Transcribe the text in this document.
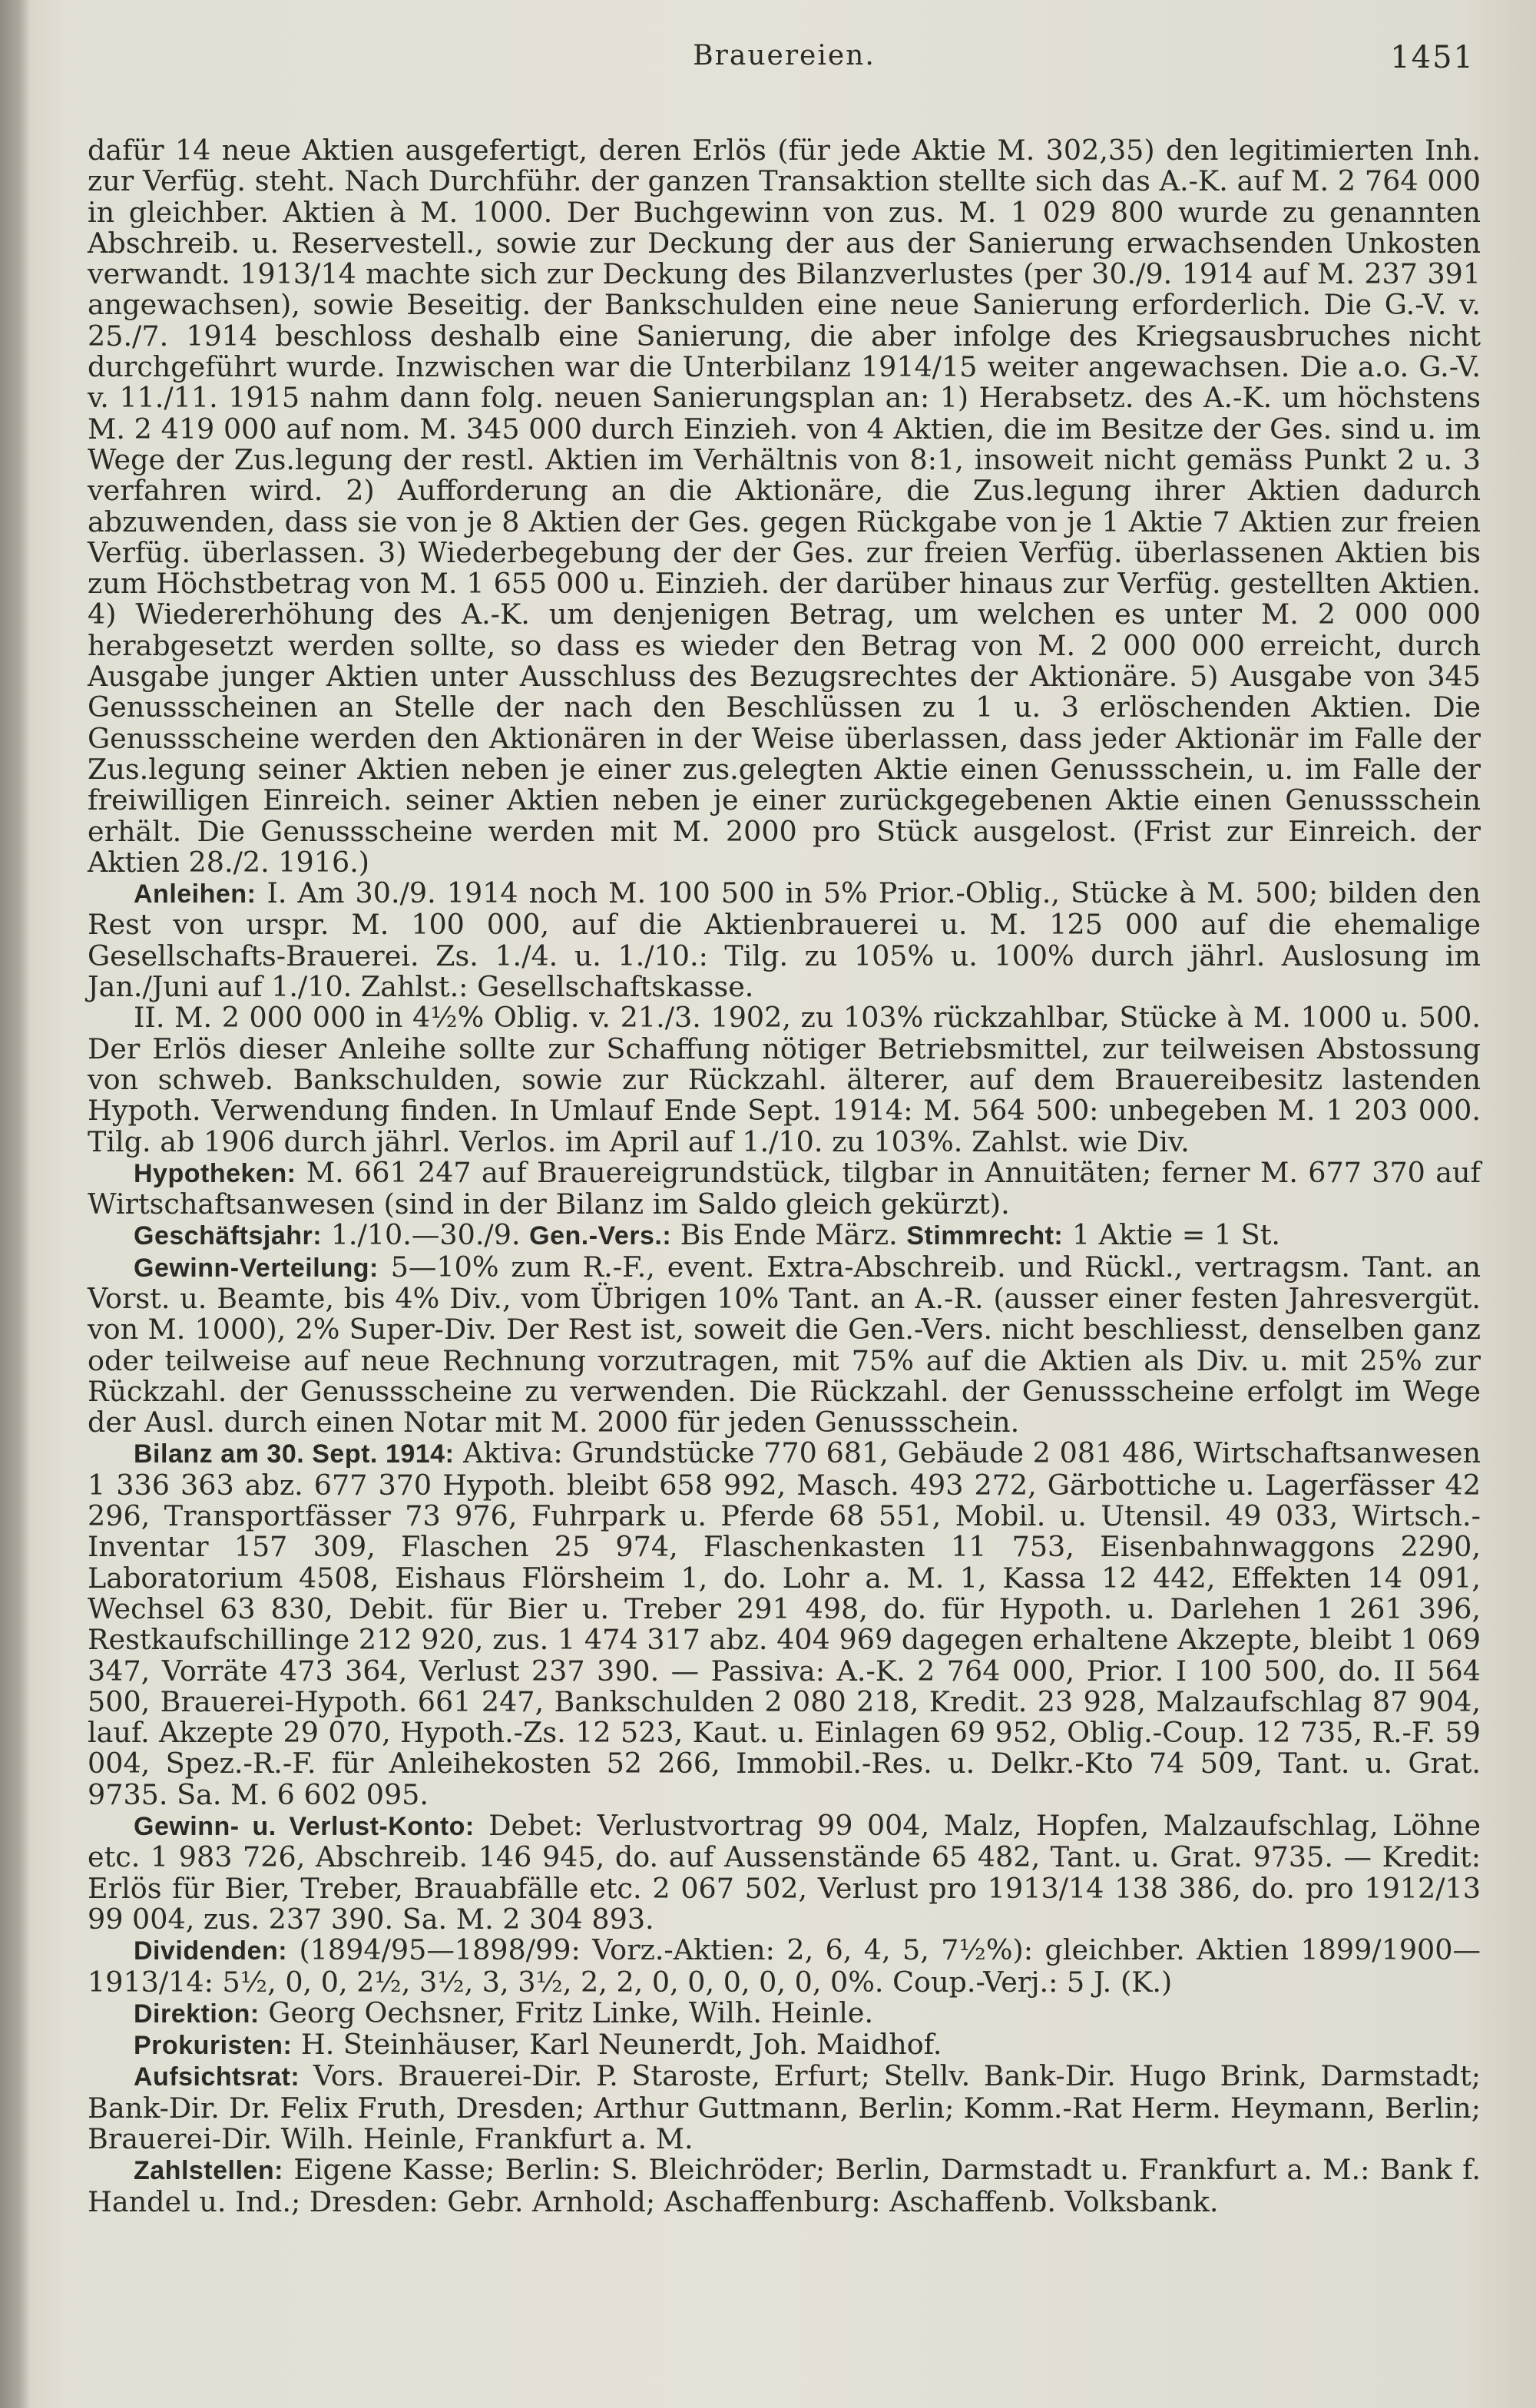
Brauereien.	1451

dafür 14 neue Aktien ausgefertigt, deren Erlös (für jede Aktie M. 302,35) den legitimierten Inh. zur Verfüg. steht. Nach Durchführ. der ganzen Transaktion stellte sich das A.-K. auf M. 2 764 000 in gleichber. Aktien à M. 1000. Der Buchgewinn von zus. M. 1 029 800 wurde zu genannten Abschreib. u. Reservestell., sowie zur Deckung der aus der Sanierung erwachsenden Unkosten verwandt. 1913/14 machte sich zur Deckung des Bilanzverlustes (per 30./9. 1914 auf M. 237 391 angewachsen), sowie Beseitig. der Bankschulden eine neue Sanierung erforderlich. Die G.-V. v. 25./7. 1914 beschloss deshalb eine Sanierung, die aber infolge des Kriegsausbruches nicht durchgeführt wurde. Inzwischen war die Unterbilanz 1914/15 weiter angewachsen. Die a.o. G.-V. v. 11./11. 1915 nahm dann folg. neuen Sanierungsplan an: 1) Herabsetz. des A.-K. um höchstens M. 2 419 000 auf nom. M. 345 000 durch Einzieh. von 4 Aktien, die im Besitze der Ges. sind u. im Wege der Zus.legung der restl. Aktien im Verhältnis von 8:1, insoweit nicht gemäss Punkt 2 u. 3 verfahren wird. 2) Aufforderung an die Aktionäre, die Zus.legung ihrer Aktien dadurch abzuwenden, dass sie von je 8 Aktien der Ges. gegen Rückgabe von je 1 Aktie 7 Aktien zur freien Verfüg. überlassen. 3) Wiederbegebung der der Ges. zur freien Verfüg. überlassenen Aktien bis zum Höchstbetrag von M. 1 655 000 u. Einzieh. der darüber hinaus zur Verfüg. gestellten Aktien. 4) Wiedererhöhung des A.-K. um denjenigen Betrag, um welchen es unter M. 2 000 000 herabgesetzt werden sollte, so dass es wieder den Betrag von M. 2 000 000 erreicht, durch Ausgabe junger Aktien unter Ausschluss des Bezugsrechtes der Aktionäre. 5) Ausgabe von 345 Genussscheinen an Stelle der nach den Beschlüssen zu 1 u. 3 erlöschenden Aktien. Die Genussscheine werden den Aktionären in der Weise überlassen, dass jeder Aktionär im Falle der Zus.legung seiner Aktien neben je einer zus.gelegten Aktie einen Genussschein, u. im Falle der freiwilligen Einreich. seiner Aktien neben je einer zurückgegebenen Aktie einen Genussschein erhält. Die Genussscheine werden mit M. 2000 pro Stück ausgelost. (Frist zur Einreich. der Aktien 28./2. 1916.)

Anleihen: I. Am 30./9. 1914 noch M. 100 500 in 5% Prior.-Oblig., Stücke à M. 500; bilden den Rest von urspr. M. 100 000, auf die Aktienbrauerei u. M. 125 000 auf die ehemalige Gesellschafts-Brauerei. Zs. 1./4. u. 1./10.: Tilg. zu 105% u. 100% durch jährl. Auslosung im Jan./Juni auf 1./10. Zahlst.: Gesellschaftskasse.

II. M. 2 000 000 in 4½% Oblig. v. 21./3. 1902, zu 103% rückzahlbar, Stücke à M. 1000 u. 500. Der Erlös dieser Anleihe sollte zur Schaffung nötiger Betriebsmittel, zur teilweisen Abstossung von schweb. Bankschulden, sowie zur Rückzahl. älterer, auf dem Brauereibesitz lastenden Hypoth. Verwendung finden. In Umlauf Ende Sept. 1914: M. 564 500: unbegeben M. 1 203 000. Tilg. ab 1906 durch jährl. Verlos. im April auf 1./10. zu 103%. Zahlst. wie Div.

Hypotheken: M. 661 247 auf Brauereigrundstück, tilgbar in Annuitäten; ferner M. 677 370 auf Wirtschaftsanwesen (sind in der Bilanz im Saldo gleich gekürzt).

Geschäftsjahr: 1./10.—30./9. Gen.-Vers.: Bis Ende März. Stimmrecht: 1 Aktie = 1 St.

Gewinn-Verteilung: 5—10% zum R.-F., event. Extra-Abschreib. und Rückl., vertragsm. Tant. an Vorst. u. Beamte, bis 4% Div., vom Übrigen 10% Tant. an A.-R. (ausser einer festen Jahresvergüt. von M. 1000), 2% Super-Div. Der Rest ist, soweit die Gen.-Vers. nicht beschliesst, denselben ganz oder teilweise auf neue Rechnung vorzutragen, mit 75% auf die Aktien als Div. u. mit 25% zur Rückzahl. der Genussscheine zu verwenden. Die Rückzahl. der Genussscheine erfolgt im Wege der Ausl. durch einen Notar mit M. 2000 für jeden Genussschein.

Bilanz am 30. Sept. 1914: Aktiva: Grundstücke 770 681, Gebäude 2 081 486, Wirtschaftsanwesen 1 336 363 abz. 677 370 Hypoth. bleibt 658 992, Masch. 493 272, Gärbottiche u. Lagerfässer 42 296, Transportfässer 73 976, Fuhrpark u. Pferde 68 551, Mobil. u. Utensil. 49 033, Wirtsch.-Inventar 157 309, Flaschen 25 974, Flaschenkasten 11 753, Eisenbahnwaggons 2290, Laboratorium 4508, Eishaus Flörsheim 1, do. Lohr a. M. 1, Kassa 12 442, Effekten 14 091, Wechsel 63 830, Debit. für Bier u. Treber 291 498, do. für Hypoth. u. Darlehen 1 261 396, Restkaufschillinge 212 920, zus. 1 474 317 abz. 404 969 dagegen erhaltene Akzepte, bleibt 1 069 347, Vorräte 473 364, Verlust 237 390. — Passiva: A.-K. 2 764 000, Prior. I 100 500, do. II 564 500, Brauerei-Hypoth. 661 247, Bankschulden 2 080 218, Kredit. 23 928, Malzaufschlag 87 904, lauf. Akzepte 29 070, Hypoth.-Zs. 12 523, Kaut. u. Einlagen 69 952, Oblig.-Coup. 12 735, R.-F. 59 004, Spez.-R.-F. für Anleihekosten 52 266, Immobil.-Res. u. Delkr.-Kto 74 509, Tant. u. Grat. 9735. Sa. M. 6 602 095.

Gewinn- u. Verlust-Konto: Debet: Verlustvortrag 99 004, Malz, Hopfen, Malzaufschlag, Löhne etc. 1 983 726, Abschreib. 146 945, do. auf Aussenstände 65 482, Tant. u. Grat. 9735. — Kredit: Erlös für Bier, Treber, Brauabfälle etc. 2 067 502, Verlust pro 1913/14 138 386, do. pro 1912/13 99 004, zus. 237 390. Sa. M. 2 304 893.

Dividenden: (1894/95—1898/99: Vorz.-Aktien: 2, 6, 4, 5, 7½%): gleichber. Aktien 1899/1900—1913/14: 5½, 0, 0, 2½, 3½, 3, 3½, 2, 2, 0, 0, 0, 0, 0, 0%. Coup.-Verj.: 5 J. (K.)

Direktion: Georg Oechsner, Fritz Linke, Wilh. Heinle.

Prokuristen: H. Steinhäuser, Karl Neunerdt, Joh. Maidhof.

Aufsichtsrat: Vors. Brauerei-Dir. P. Staroste, Erfurt; Stellv. Bank-Dir. Hugo Brink, Darmstadt; Bank-Dir. Dr. Felix Fruth, Dresden; Arthur Guttmann, Berlin; Komm.-Rat Herm. Heymann, Berlin; Brauerei-Dir. Wilh. Heinle, Frankfurt a. M.

Zahlstellen: Eigene Kasse; Berlin: S. Bleichröder; Berlin, Darmstadt u. Frankfurt a. M.: Bank f. Handel u. Ind.; Dresden: Gebr. Arnhold; Aschaffenburg: Aschaffenb. Volksbank.
